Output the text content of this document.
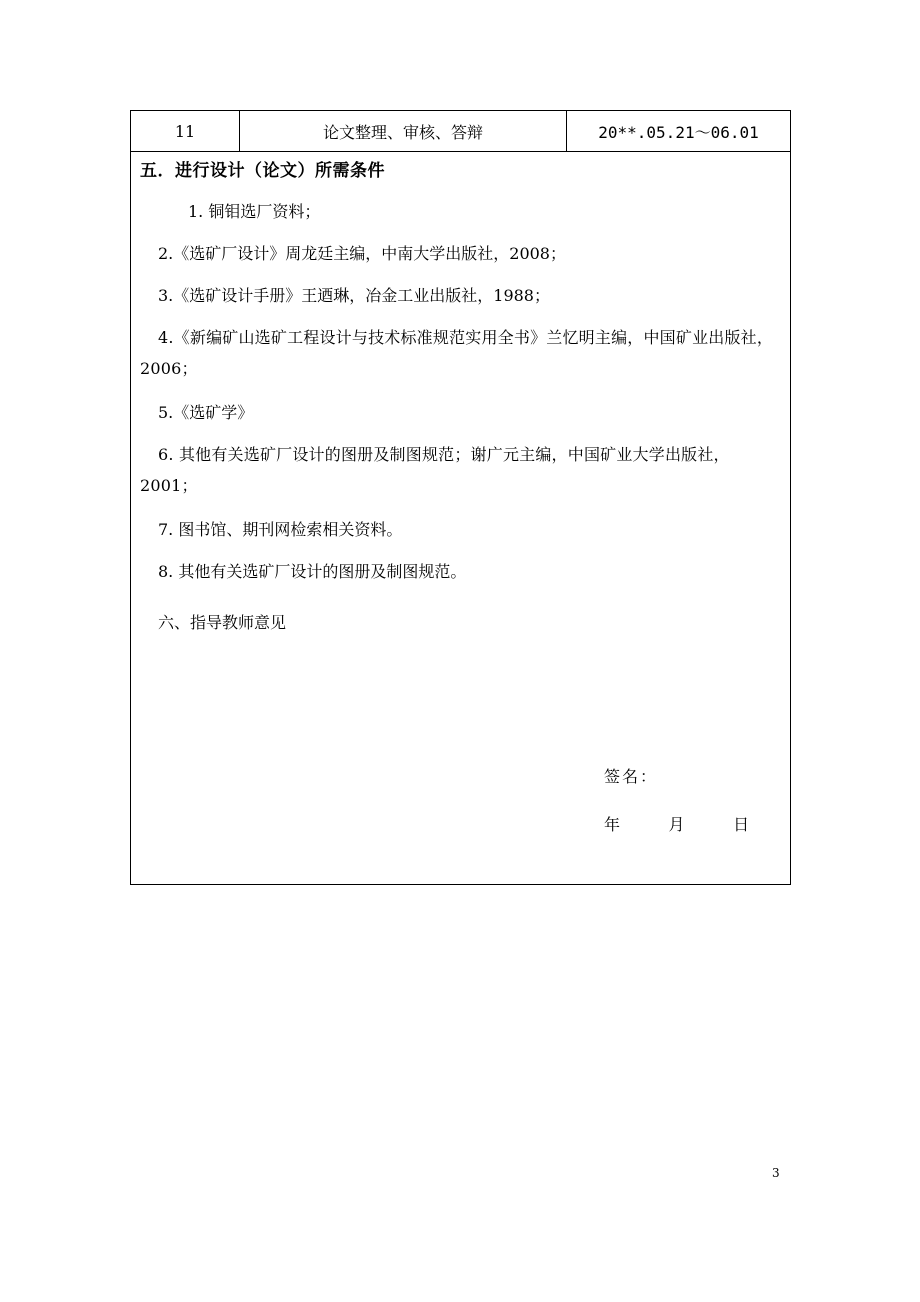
11	论文整理、审核、答辩	20**.05.21～06.01

五．进行设计（论文）所需条件
1. 铜钼选厂资料；
2.《选矿厂设计》周龙廷主编，中南大学出版社，2008；
3.《选矿设计手册》王迺琳，冶金工业出版社，1988；
4.《新编矿山选矿工程设计与技术标准规范实用全书》兰忆明主编，中国矿业出版社，2006；
5.《选矿学》
6. 其他有关选矿厂设计的图册及制图规范；谢广元主编，中国矿业大学出版社，2001；
7. 图书馆、期刊网检索相关资料。
8. 其他有关选矿厂设计的图册及制图规范。
六、指导教师意见
签名：
年    月    日
3
